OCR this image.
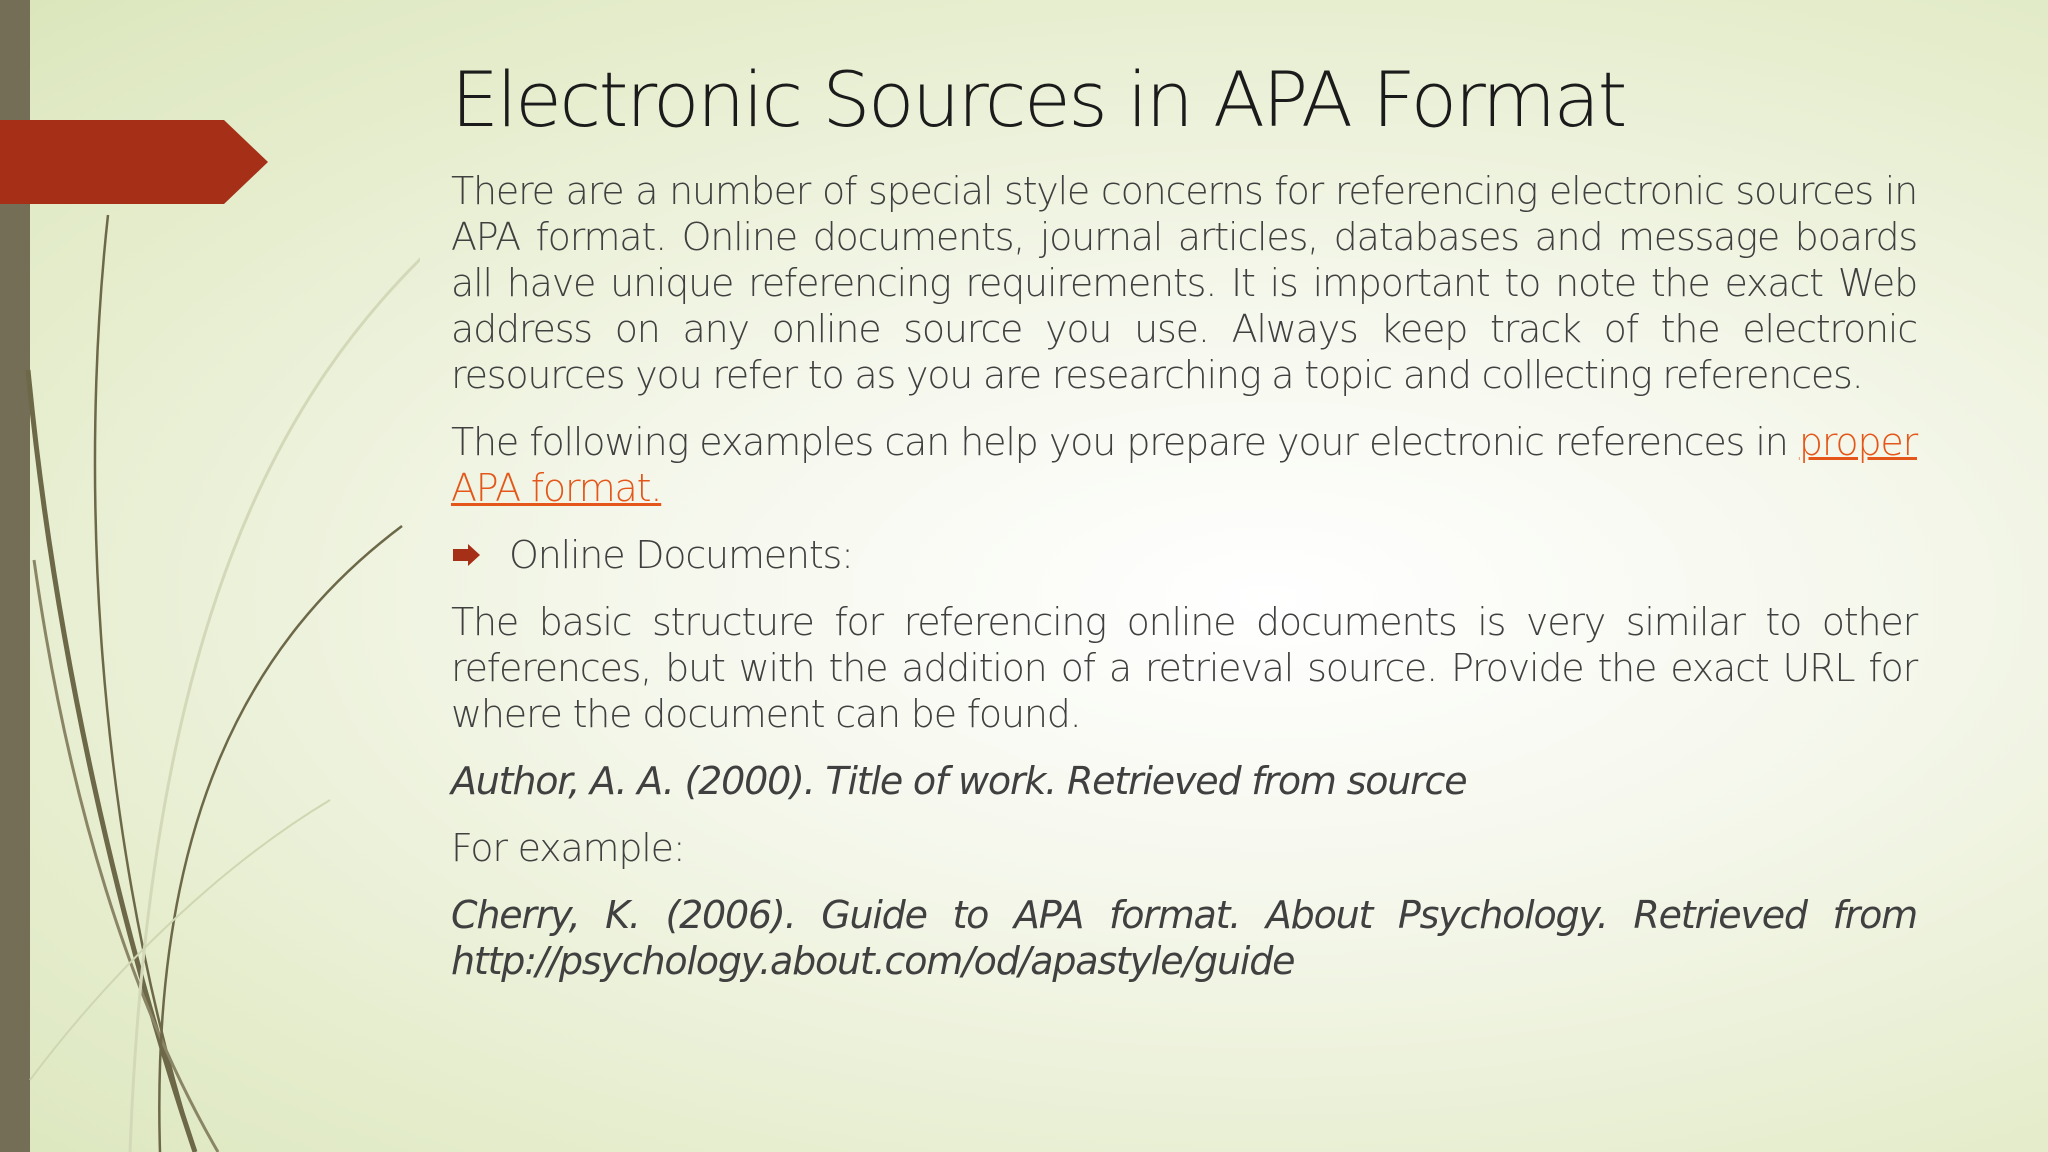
Electronic Sources in APA Format

There are a number of special style concerns for referencing electronic sources in APA format. Online documents, journal articles, databases and message boards all have unique referencing requirements. It is important to note the exact Web address on any online source you use. Always keep track of the electronic resources you refer to as you are researching a topic and collecting references.

The following examples can help you prepare your electronic references in proper APA format.

Online Documents:

The basic structure for referencing online documents is very similar to other references, but with the addition of a retrieval source. Provide the exact URL for where the document can be found.

Author, A. A. (2000). Title of work. Retrieved from source

For example:

Cherry, K. (2006). Guide to APA format. About Psychology. Retrieved from http://psychology.about.com/od/apastyle/guide
